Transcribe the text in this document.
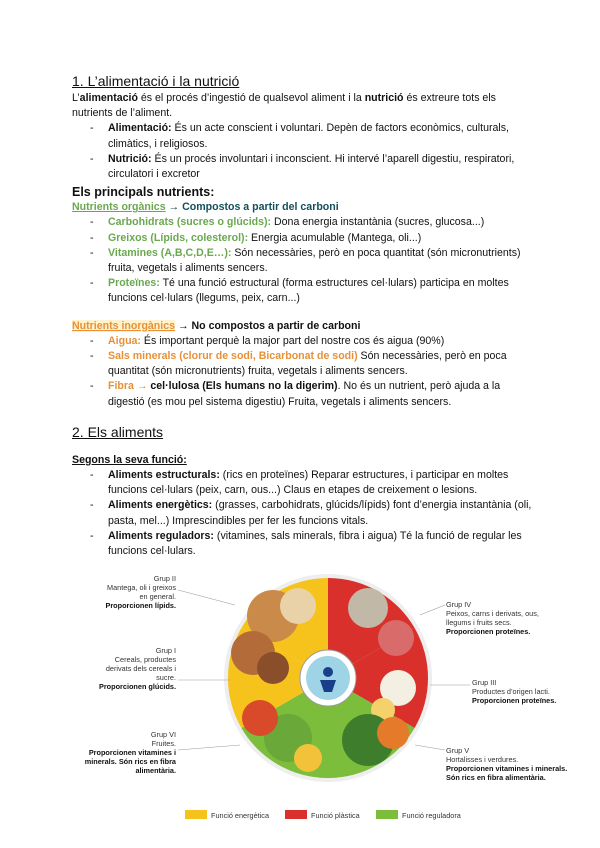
1. L’alimentació i la nutrició

L’alimentació és el procés d’ingestió de qualsevol aliment i la nutrició és extreure tots els nutrients de l’aliment.

- Alimentació: És un acte conscient i voluntari. Depèn de factors econòmics, culturals, climàtics, i religiosos.
- Nutrició: És un procés involuntari i inconscient. Hi intervé l’aparell digestiu, respiratori, circulatori i excretor
Els principals nutrients:

Nutrients orgànics → Compostos a partir del carboni

- Carbohidrats (sucres o glúcids): Dona energia instantània (sucres, glucosa...)
- Greixos (Lípids, colesterol): Energia acumulable (Mantega, oli...)
- Vitamines (A,B,C,D,E…): Són necessàries, però en poca quantitat (són micronutrients) fruita, vegetals i aliments sencers.
- Proteïnes: Té una funció estructural (forma estructures cel·lulars) participa en moltes funcions cel·lulars (llegums, peix, carn...)

Nutrients inorgànics → No compostos a partir de carboni

- Aigua: És important perquè la major part del nostre cos és aigua (90%)
- Sals minerals (clorur de sodi, Bicarbonat de sodi) Són necessàries, però en poca quantitat (són micronutrients) fruita, vegetals i aliments sencers.
- Fibra → cel·lulosa (Els humans no la digerim). No és un nutrient, però ajuda a la digestió (es mou pel sistema digestiu) Fruita, vegetals i aliments sencers.
2. Els aliments

Segons la seva funció:

- Aliments estructurals: (rics en proteïnes) Reparar estructures, i participar en moltes funcions cel·lulars (peix, carn, ous...) Claus en etapes de creixement o lesions.
- Aliments energètics: (grasses, carbohidrats, glúcids/lípids) font d’energia instantània (oli, pasta, mel...) Imprescindibles per fer les funcions vitals.
- Aliments reguladors: (vitamines, sals minerals, fibra i aigua) Té la funció de regular les funcions cel·lulars.
Grup II
Mantega, oli i greixos
en general.
Proporcionen lípids.
Grup I
Cereals, productes
derivats dels cereals i
sucre.
Proporcionen glúcids.
Grup VI
Fruites.
Proporcionen vitamines i minerals. Són rics en fibra alimentària.
Grup IV
Peixos, carns i derivats, ous,
llegums i fruits secs.
Proporcionen proteïnes.
Grup III
Productes d’origen lacti.
Proporcionen proteïnes.
Grup V
Hortalisses i verdures.
Proporcionen vitamines i minerals. Són rics en fibra alimentària.
Funció energètica	Funció plàstica	Funció reguladora
